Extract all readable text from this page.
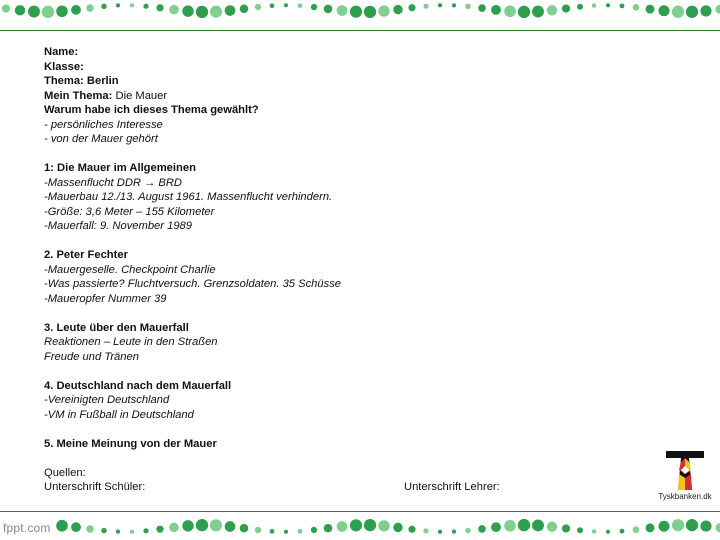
Name:
Klasse:
Thema: Berlin
Mein Thema: Die Mauer
Warum habe ich dieses Thema gewählt?
- persönliches Interesse
- von der Mauer gehört
1: Die Mauer im Allgemeinen
-Massenflucht DDR → BRD
-Mauerbau 12./13. August 1961. Massenflucht verhindern.
-Größe: 3,6 Meter – 155 Kilometer
-Mauerfall: 9. November 1989
2. Peter Fechter
-Mauergeselle. Checkpoint Charlie
-Was passierte? Fluchtversuch. Grenzsoldaten. 35 Schüsse
-Maueropfer Nummer 39
3. Leute über den Mauerfall
Reaktionen – Leute in den Straßen
Freude und Tränen
4. Deutschland nach dem Mauerfall
-Vereinigten Deutschland
-VM in Fußball in Deutschland
5. Meine Meinung von der Mauer
Quellen:
Unterschrift Schüler:	Unterschrift Lehrer:
Tyskbanken.dk
fppt.com
